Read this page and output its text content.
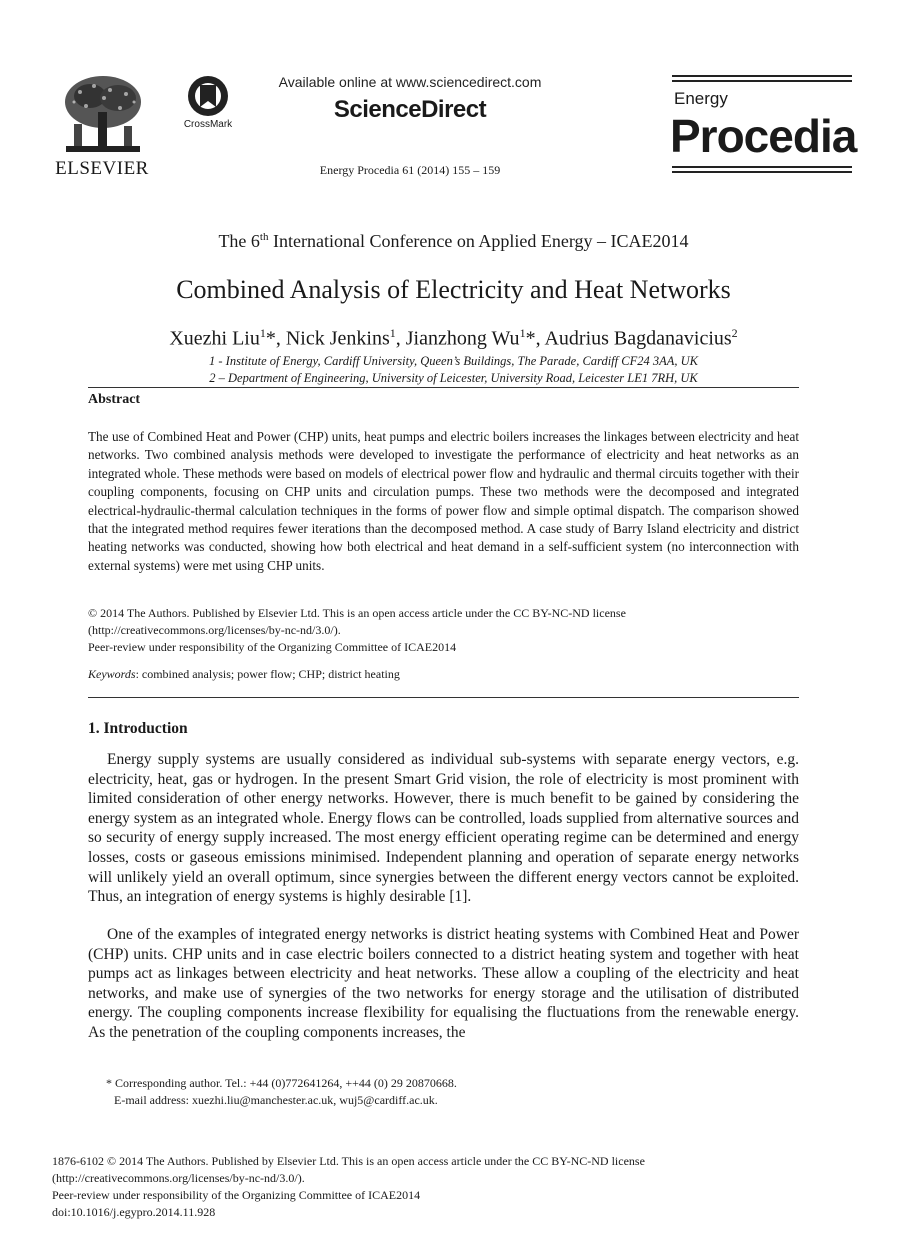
ELSEVIER
CrossMark
Available online at www.sciencedirect.com
ScienceDirect
Energy Procedia 61 (2014) 155 – 159
Energy
Procedia
The 6th International Conference on Applied Energy – ICAE2014
Combined Analysis of Electricity and Heat Networks
Xuezhi Liu$^1$*, Nick Jenkins$^1$, Jianzhong Wu$^1$*, Audrius Bagdanavicius$^2$
1 - Institute of Energy, Cardiff University, Queen’s Buildings, The Parade, Cardiff CF24 3AA, UK
2 – Department of Engineering, University of Leicester, University Road, Leicester LE1 7RH, UK
Abstract

The use of Combined Heat and Power (CHP) units, heat pumps and electric boilers increases the linkages between electricity and heat networks. Two combined analysis methods were developed to investigate the performance of electricity and heat networks as an integrated whole. These methods were based on models of electrical power flow and hydraulic and thermal circuits together with their coupling components, focusing on CHP units and circulation pumps. These two methods were the decomposed and integrated electrical-hydraulic-thermal calculation techniques in the forms of power flow and simple optimal dispatch. The comparison showed that the integrated method requires fewer iterations than the decomposed method. A case study of Barry Island electricity and district heating networks was conducted, showing how both electrical and heat demand in a self-sufficient system (no interconnection with external systems) were met using CHP units.

© 2014 The Authors. Published by Elsevier Ltd. This is an open access article under the CC BY-NC-ND license
(http://creativecommons.org/licenses/by-nc-nd/3.0/).
Peer-review under responsibility of the Organizing Committee of ICAE2014
Keywords: combined analysis; power flow; CHP; district heating
1. Introduction

Energy supply systems are usually considered as individual sub-systems with separate energy vectors, e.g. electricity, heat, gas or hydrogen. In the present Smart Grid vision, the role of electricity is most prominent with limited consideration of other energy networks. However, there is much benefit to be gained by considering the energy system as an integrated whole. Energy flows can be controlled, loads supplied from alternative sources and so security of energy supply increased. The most energy efficient operating regime can be determined and energy losses, costs or gaseous emissions minimised. Independent planning and operation of separate energy networks will unlikely yield an overall optimum, since synergies between the different energy vectors cannot be exploited. Thus, an integration of energy systems is highly desirable [1].

One of the examples of integrated energy networks is district heating systems with Combined Heat and Power (CHP) units. CHP units and in case electric boilers connected to a district heating system and together with heat pumps act as linkages between electricity and heat networks. These allow a coupling of the electricity and heat networks, and make use of synergies of the two networks for energy storage and the utilisation of distributed energy. The coupling components increase flexibility for equalising the fluctuations from the renewable energy. As the penetration of the coupling components increases, the

* Corresponding author. Tel.: +44 (0)772641264, ++44 (0) 29 20870668.
E-mail address: xuezhi.liu@manchester.ac.uk, wuj5@cardiff.ac.uk.
1876-6102 © 2014 The Authors. Published by Elsevier Ltd. This is an open access article under the CC BY-NC-ND license
(http://creativecommons.org/licenses/by-nc-nd/3.0/).
Peer-review under responsibility of the Organizing Committee of ICAE2014
doi:10.1016/j.egypro.2014.11.928
